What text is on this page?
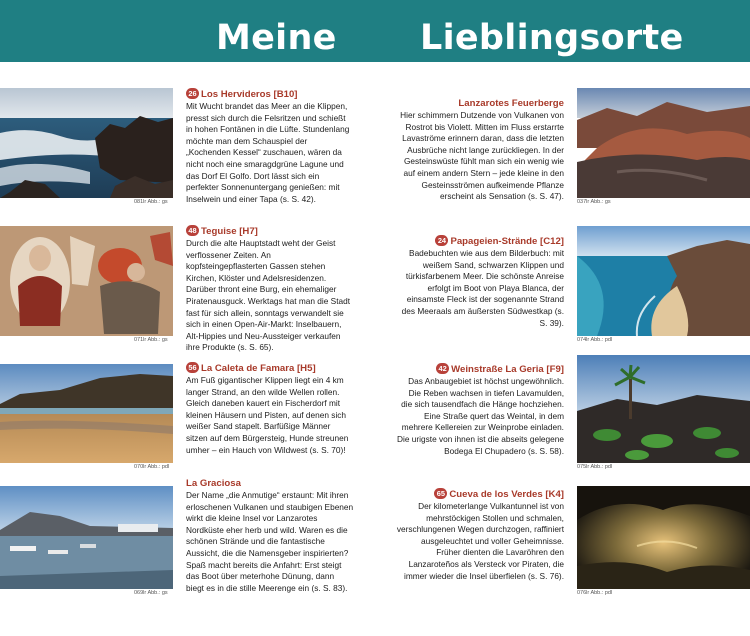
Meine Lieblingsorte
081lr Abb.: gs
26 Los Hervideros [B10]
Mit Wucht brandet das Meer an die Klippen, presst sich durch die Felsritzen und schießt in hohen Fontänen in die Lüfte. Stundenlang möchte man dem Schauspiel der „Kochenden Kessel“ zuschauen, wären da nicht noch eine smaragdgrüne Lagune und das Dorf El Golfo. Dort lässt sich ein perfekter Sonnenuntergang genießen: mit Inselwein und einer Tapa (s. S. 42).
071lr Abb.: gs
48 Teguise [H7]
Durch die alte Hauptstadt weht der Geist verflossener Zeiten. An kopfsteingepflasterten Gassen stehen Kirchen, Klöster und Adelsresidenzen. Darüber thront eine Burg, ein ehemaliger Piratenausguck. Werktags hat man die Stadt fast für sich allein, sonntags verwandelt sie sich in einen Open-Air-Markt: Inselbauern, Alt-Hippies und Neu-Aussteiger verkaufen ihre Produkte (s. S. 65).
070lr Abb.: pdl
56 La Caleta de Famara [H5]
Am Fuß gigantischer Klippen liegt ein 4 km langer Strand, an den wilde Wellen rollen. Gleich daneben kauert ein Fischerdorf mit kleinen Häusern und Pisten, auf denen sich weißer Sand stapelt. Barfüßige Männer sitzen auf dem Bürgersteig, Hunde streunen umher – ein Hauch von Wildwest (s. S. 70)!
069lr Abb.: gs
La Graciosa
Der Name „die Anmutige“ erstaunt: Mit ihren erloschenen Vulkanen und staubigen Ebenen wirkt die kleine Insel vor Lanzarotes Nordküste eher herb und wild. Waren es die schönen Strände und die fantastische Aussicht, die die Namensgeber inspirierten? Spaß macht bereits die Anfahrt: Erst steigt das Boot über meterhohe Dünung, dann biegt es in die stille Meerenge ein (s. S. 83).
037lr Abb.: gs
Lanzarotes Feuerberge
Hier schimmern Dutzende von Vulkanen von Rostrot bis Violett. Mitten im Fluss erstarrte Lavaströme erinnern daran, dass die letzten Ausbrüche nicht lange zurückliegen. In der Gesteinswüste fühlt man sich ein wenig wie auf einem andern Stern – jede kleine in den Gesteinsströmen aufkeimende Pflanze erscheint als Sensation (s. S. 47).
074lr Abb.: pdl
24 Papageien-Strände [C12]
Badebuchten wie aus dem Bilderbuch: mit weißem Sand, schwarzen Klippen und türkisfarbenem Meer. Die schönste Anreise erfolgt im Boot von Playa Blanca, der einsamste Fleck ist der sogenannte Strand des Meeraals am äußersten Südwestkap (s. S. 39).
075lr Abb.: pdl
42 Weinstraße La Geria [F9]
Das Anbaugebiet ist höchst ungewöhnlich. Die Reben wachsen in tiefen Lavamulden, die sich tausendfach die Hänge hochziehen. Eine Straße quert das Weintal, in dem mehrere Kellereien zur Weinprobe einladen. Die urigste von ihnen ist die abseits gelegene Bodega El Chupadero (s. S. 58).
076lr Abb.: pdl
65 Cueva de los Verdes [K4]
Der kilometerlange Vulkantunnel ist von mehrstöckigen Stollen und schmalen, verschlungenen Wegen durchzogen, raffiniert ausgeleuchtet und voller Geheimnisse. Früher dienten die Lavaröhren den Lanzaroteños als Versteck vor Piraten, die immer wieder die Insel überfielen (s. S. 76).
